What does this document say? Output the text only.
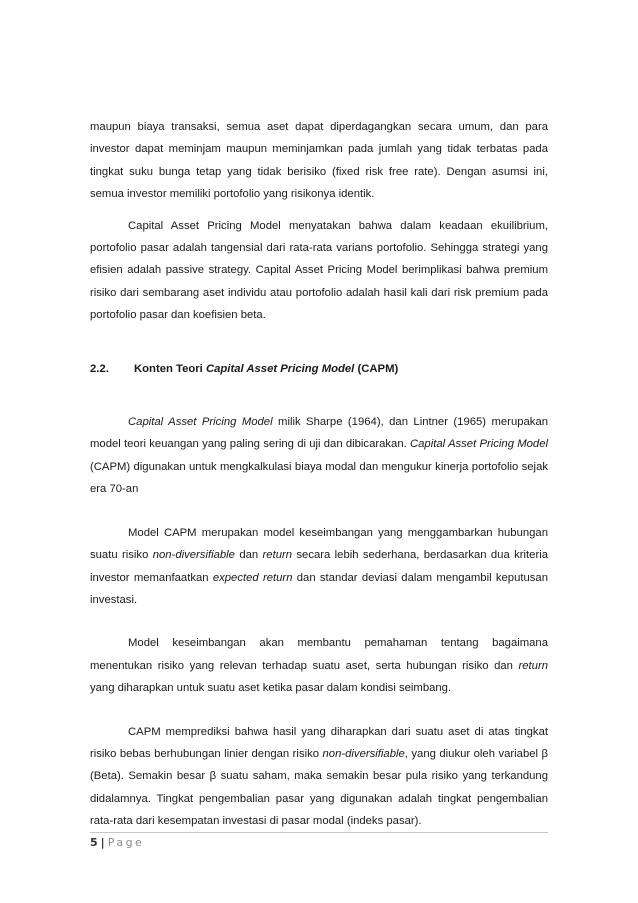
maupun biaya transaksi, semua aset dapat diperdagangkan secara umum, dan para investor dapat meminjam maupun meminjamkan pada jumlah yang tidak terbatas pada tingkat suku bunga tetap yang tidak berisiko (fixed risk free rate). Dengan asumsi ini, semua investor memiliki portofolio yang risikonya identik.

Capital Asset Pricing Model menyatakan bahwa dalam keadaan ekuilibrium, portofolio pasar adalah tangensial dari rata-rata varians portofolio. Sehingga strategi yang efisien adalah passive strategy. Capital Asset Pricing Model berimplikasi bahwa premium risiko dari sembarang aset individu atau portofolio adalah hasil kali dari risk premium pada portofolio pasar dan koefisien beta.

2.2.	Konten Teori Capital Asset Pricing Model (CAPM)

Capital Asset Pricing Model milik Sharpe (1964), dan Lintner (1965) merupakan model teori keuangan yang paling sering di uji dan dibicarakan. Capital Asset Pricing Model (CAPM) digunakan untuk mengkalkulasi biaya modal dan mengukur kinerja portofolio sejak era 70-an

Model CAPM merupakan model keseimbangan yang menggambarkan hubungan suatu risiko non-diversifiable dan return secara lebih sederhana, berdasarkan dua kriteria investor memanfaatkan expected return dan standar deviasi dalam mengambil keputusan investasi.

Model keseimbangan akan membantu pemahaman tentang bagaimana menentukan risiko yang relevan terhadap suatu aset, serta hubungan risiko dan return yang diharapkan untuk suatu aset ketika pasar dalam kondisi seimbang.

CAPM memprediksi bahwa hasil yang diharapkan dari suatu aset di atas tingkat risiko bebas berhubungan linier dengan risiko non-diversifiable, yang diukur oleh variabel β (Beta). Semakin besar β suatu saham, maka semakin besar pula risiko yang terkandung didalamnya. Tingkat pengembalian pasar yang digunakan adalah tingkat pengembalian rata-rata dari kesempatan investasi di pasar modal (indeks pasar).

5 | Page
